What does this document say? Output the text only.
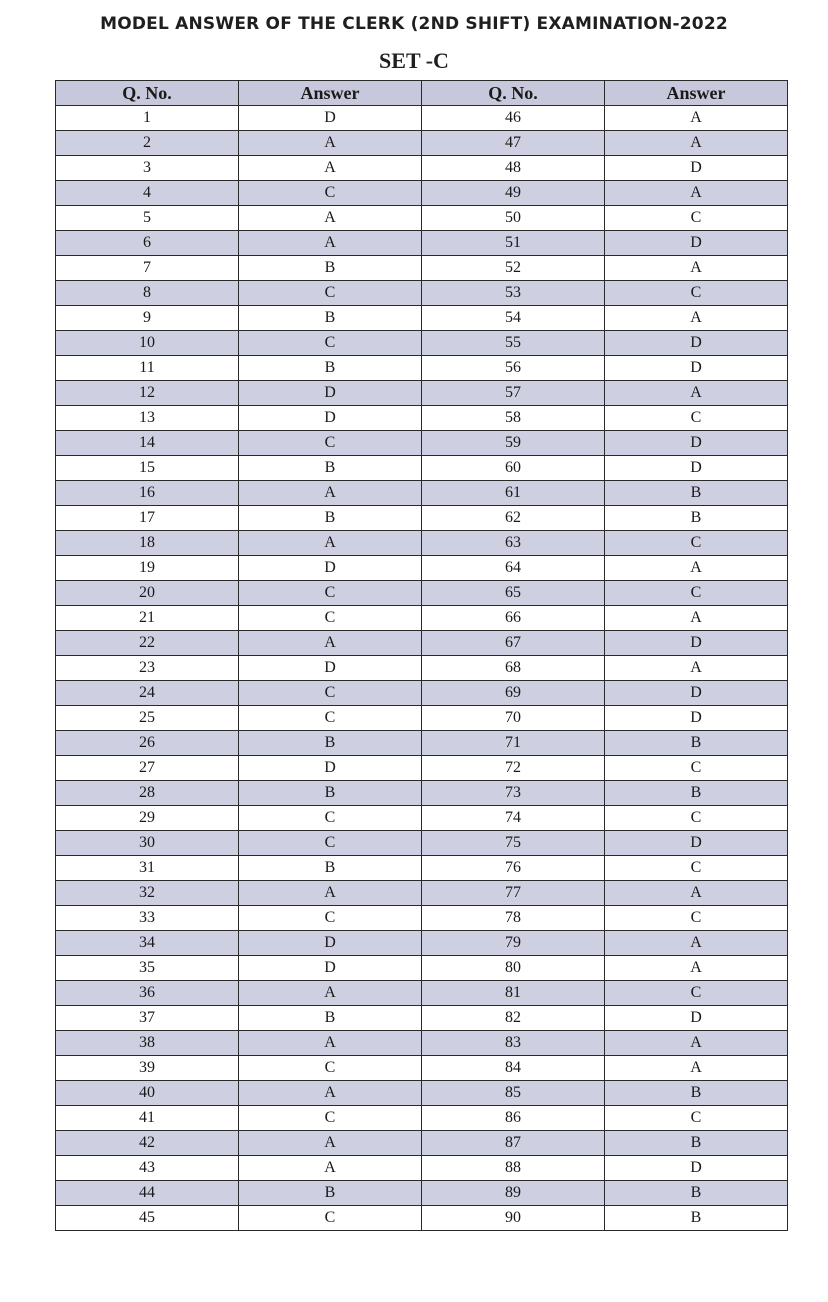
MODEL ANSWER OF THE CLERK (2ND SHIFT) EXAMINATION-2022
SET -C
Q. No.	Answer	Q. No.	Answer
1	D	46	A
2	A	47	A
3	A	48	D
4	C	49	A
5	A	50	C
6	A	51	D
7	B	52	A
8	C	53	C
9	B	54	A
10	C	55	D
11	B	56	D
12	D	57	A
13	D	58	C
14	C	59	D
15	B	60	D
16	A	61	B
17	B	62	B
18	A	63	C
19	D	64	A
20	C	65	C
21	C	66	A
22	A	67	D
23	D	68	A
24	C	69	D
25	C	70	D
26	B	71	B
27	D	72	C
28	B	73	B
29	C	74	C
30	C	75	D
31	B	76	C
32	A	77	A
33	C	78	C
34	D	79	A
35	D	80	A
36	A	81	C
37	B	82	D
38	A	83	A
39	C	84	A
40	A	85	B
41	C	86	C
42	A	87	B
43	A	88	D
44	B	89	B
45	C	90	B
